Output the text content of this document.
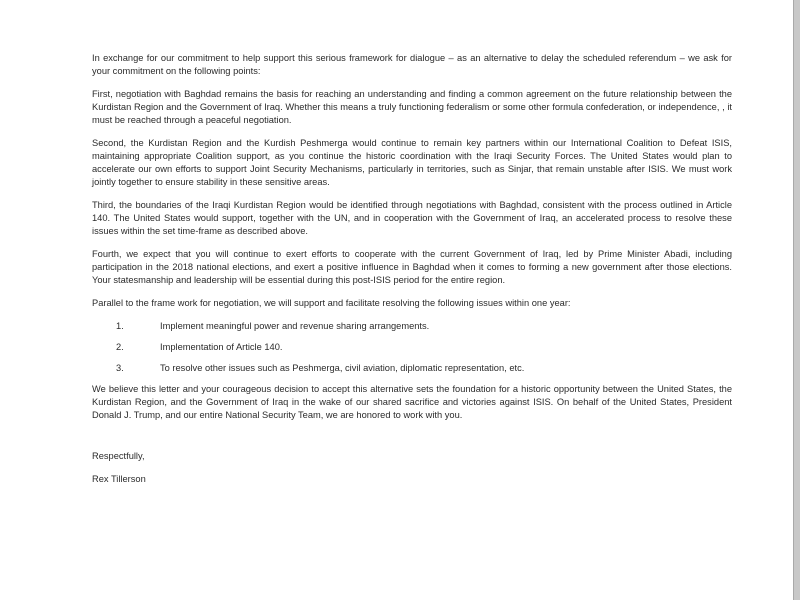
In exchange for our commitment to help support this serious framework for dialogue – as an alternative to delay the scheduled referendum – we ask for your commitment on the following points:

First, negotiation with Baghdad remains the basis for reaching an understanding and finding a common agreement on the future relationship between the Kurdistan Region and the Government of Iraq. Whether this means a truly functioning federalism or some other formula confederation, or independence, , it must be reached through a peaceful negotiation.

Second, the Kurdistan Region and the Kurdish Peshmerga would continue to remain key partners within our International Coalition to Defeat ISIS, maintaining appropriate Coalition support, as you continue the historic coordination with the Iraqi Security Forces. The United States would plan to accelerate our own efforts to support Joint Security Mechanisms, particularly in territories, such as Sinjar, that remain unstable after ISIS. We must work jointly together to ensure stability in these sensitive areas.

Third, the boundaries of the Iraqi Kurdistan Region would be identified through negotiations with Baghdad, consistent with the process outlined in Article 140. The United States would support, together with the UN, and in cooperation with the Government of Iraq, an accelerated process to resolve these issues within the set time-frame as described above.

Fourth, we expect that you will continue to exert efforts to cooperate with the current Government of Iraq, led by Prime Minister Abadi, including participation in the 2018 national elections, and exert a positive influence in Baghdad when it comes to forming a new government after those elections. Your statesmanship and leadership will be essential during this post-ISIS period for the entire region.

Parallel to the frame work for negotiation, we will support and facilitate resolving the following issues within one year:

1.	Implement meaningful power and revenue sharing arrangements.
2.	Implementation of Article 140.
3.	To resolve other issues such as Peshmerga, civil aviation, diplomatic representation, etc.

We believe this letter and your courageous decision to accept this alternative sets the foundation for a historic opportunity between the United States, the Kurdistan Region, and the Government of Iraq in the wake of our shared sacrifice and victories against ISIS. On behalf of the United States, President Donald J. Trump, and our entire National Security Team, we are honored to work with you.

Respectfully,

Rex Tillerson
